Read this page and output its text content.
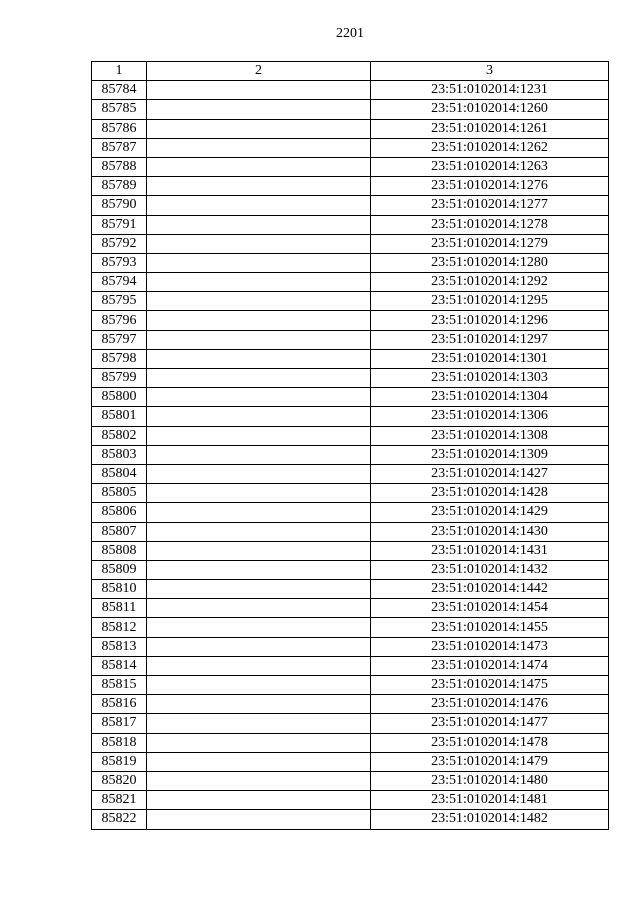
2201
1	2	3
85784		23:51:0102014:1231
85785		23:51:0102014:1260
85786		23:51:0102014:1261
85787		23:51:0102014:1262
85788		23:51:0102014:1263
85789		23:51:0102014:1276
85790		23:51:0102014:1277
85791		23:51:0102014:1278
85792		23:51:0102014:1279
85793		23:51:0102014:1280
85794		23:51:0102014:1292
85795		23:51:0102014:1295
85796		23:51:0102014:1296
85797		23:51:0102014:1297
85798		23:51:0102014:1301
85799		23:51:0102014:1303
85800		23:51:0102014:1304
85801		23:51:0102014:1306
85802		23:51:0102014:1308
85803		23:51:0102014:1309
85804		23:51:0102014:1427
85805		23:51:0102014:1428
85806		23:51:0102014:1429
85807		23:51:0102014:1430
85808		23:51:0102014:1431
85809		23:51:0102014:1432
85810		23:51:0102014:1442
85811		23:51:0102014:1454
85812		23:51:0102014:1455
85813		23:51:0102014:1473
85814		23:51:0102014:1474
85815		23:51:0102014:1475
85816		23:51:0102014:1476
85817		23:51:0102014:1477
85818		23:51:0102014:1478
85819		23:51:0102014:1479
85820		23:51:0102014:1480
85821		23:51:0102014:1481
85822		23:51:0102014:1482
